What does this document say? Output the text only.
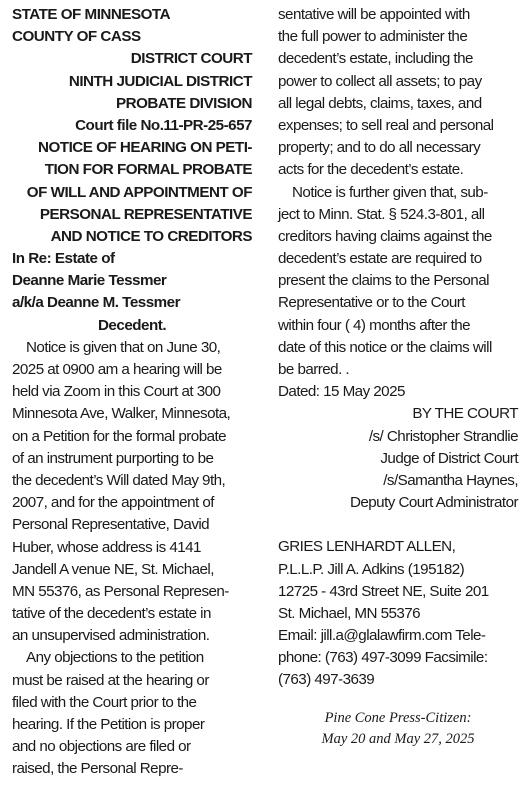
STATE OF MINNESOTA
COUNTY OF CASS
DISTRICT COURT
NINTH JUDICIAL DISTRICT
PROBATE DIVISION
Court file No.11-PR-25-657
NOTICE OF HEARING ON PETI-
TION FOR FORMAL PROBATE
OF WILL AND APPOINTMENT OF
PERSONAL REPRESENTATIVE
AND NOTICE TO CREDITORS
In Re: Estate of
Deanne Marie Tessmer
a/k/a Deanne M. Tessmer
Decedent.
Notice is given that on June 30,
2025 at 0900 am a hearing will be
held via Zoom in this Court at 300
Minnesota Ave, Walker, Minnesota,
on a Petition for the formal probate
of an instrument purporting to be
the decedent’s Will dated May 9th,
2007, and for the appointment of
Personal Representative, David
Huber, whose address is 4141
Jandell A venue NE, St. Michael,
MN 55376, as Personal Represen-
tative of the decedent’s estate in
an unsupervised administration.
Any objections to the petition
must be raised at the hearing or
filed with the Court prior to the
hearing. If the Petition is proper
and no objections are filed or
raised, the Personal Repre-
sentative will be appointed with
the full power to administer the
decedent’s estate, including the
power to collect all assets; to pay
all legal debts, claims, taxes, and
expenses; to sell real and personal
property; and to do all necessary
acts for the decedent’s estate.
Notice is further given that, sub-
ject to Minn. Stat. § 524.3-801, all
creditors having claims against the
decedent’s estate are required to
present the claims to the Personal
Representative or to the Court
within four ( 4) months after the
date of this notice or the claims will
be barred. .
Dated: 15 May 2025
BY THE COURT
/s/ Christopher Strandlie
Judge of District Court
/s/Samantha Haynes,
Deputy Court Administrator
GRIES LENHARDT ALLEN,
P.L.L.P. Jill A. Adkins (195182)
12725 - 43rd Street NE, Suite 201
St. Michael, MN 55376
Email: jill.a@glalawfirm.com Tele-
phone: (763) 497-3099 Facsimile:
(763) 497-3639
Pine Cone Press-Citizen:
May 20 and May 27, 2025
